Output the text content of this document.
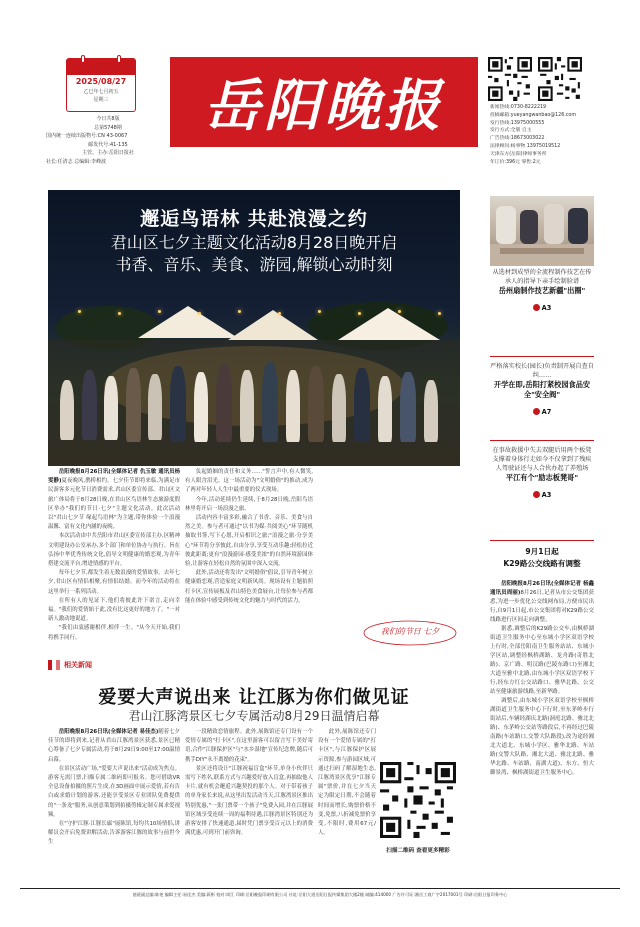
2025/08/27
乙巳年七月初五
星期三
今日共8版
总第5748期
国内统一连续出版物号:CN 43-0067
邮发代号:41-135
主管、主办:岳阳日报社
社长:任清志 总编辑:李峰波
岳阳晚报	新闻热线:0730-8222219
投稿邮箱:yueyangwanbao@126.com
发行热线:13975000555
发行方式:全版 自主
广告热线:18673003022
法律顾问:杨事物 13975019512
天津东方(岳阳)律师事务所
年订价:396元 零售:2元
邂逅鸟语林 共赴浪漫之约
君山区七夕主题文化活动8月28日晚开启
书香、音乐、美食、游园,解锁心动时刻

岳阳晚报8月26日讯(全媒体记者 仇玉敏 通讯员杨雯静)夏夜晚风,鹊桥相约。七夕佳节即将来临,为满足市民游客多元化节日消费需求,君山区委宣传部、君山区文旅广体局将于8月28日晚,在君山区鸟语林生态旅游度假区举办"我们的节日·七夕"主题文化活动。此次活动以"君山七夕节 缘起鸟语林"为主题,带你体验一个浪漫温馨、富有文化内涵的夜晚。

本次活动由中共岳阳市君山区委宣传部主办,区精神文明建设办公室承办,多个部门和单位协办与执行。旨在弘扬中华优秀传统文化,倡导文明健康的婚恋观,为青年搭建交流平台,增进情感的平台。

每年七夕节,都发生着无数浪漫的爱情故事。去年七夕,君山区有情侣相聚,有情侣结婚。而今年的活动将在这里举行一系列活动。

在所有人的见证下,他们将彼此许下诺言,走向幸福。"我们的爱情始于此,没有比这更好的地方了。"一对新人激动地说道。

"我们由衷感谢相伴,相伴一生。"从今天开始,我们将携手同行。

负起婚姻的责任和义务……"誓言声中,有人微笑,有人眼含泪光。这一场活动为"文明婚俗"的推动,成为了两对年轻人人生中最重要的仪式现场。

今年,活动延续仍生延续,于8月28日晚,岳阳鸟语林里将开启一场浪漫之旅。

活动内容丰富多彩,融合了书香、音乐、美食与自然之美。参与者可通过"以书为媒·共阅美心"环节随机抽取书签,写下心愿,开启相识之旅;"浪漫之旅·分享美心"环节将分享彼此,自由分享,享受互动乐趣;轻松拉近彼此距离;更有"浪漫游园·感受美浓"的自然环境游园体验,让游客在轻松自然的氛围中深入交流。

此外,活动还将发出"文明婚俗"倡议,引导青年树立健康婚恋观,营造家庭文明新风尚。现场设有主题拍照打卡区,宣传展板及君山特色美食展台,让每位参与者都能在体验中感受到传统文化的魅力与时代的活力。

我们的节日 七夕
相关新闻
爱要大声说出来 让江豚为你们做见证
君山江豚湾景区七夕专属活动8月29日温情启幕

岳阳晚报8月26日讯(全媒体记者 易佳杰)随着七夕佳节的即将到来,记者从君山江豚湾景区获悉,景区已精心筹备了七夕专属活动,将于8月29日9:00至17:00温情启幕。

在景区活动广场,"爱要大声说出来"活动成为焦点。游客无需门票,扫描专属二维码即可报名。您可借助VR全息设备拍摄的照片生成,在3D画面中展示爱情,若有告白或求婚计划的游客,还能享受景区专业团队免费提供的"一条龙"服务,从创意策划到拍摄剪辑定制专属求爱视频。

在"守护江豚·江豚长廊"展陈馆,每均共10场情侣,讲解员会开启免费讲解活动,告诉游客江豚的故事与前世今生

一段精致恋情旅程。此外,展陈馆还专门设有一个爱情专属的"打卡区",在这里游客可以留言写下美好寄语,合作"江豚保护区"与"水乡湿地"宣传纪念牌,随后可携手DIY"永不离婚的花束"。

景区还将设计"江豚祝福盲盒"环节,单身小伙伴只需写下姓名,联系方式与兴趣爱好放入盲盒,再抽取他人卡片,就有机会邂逅兴趣契投的那个人。对于带着孩子的单身家长来说,从这里出发活动当天,江豚湾景区推出特别优惠,"一张门票带一个孩子"免费入园,并在江豚展馆区域享受连续一周的福利待遇,江豚湾景区特别还为游客安排了快速通道,届时凭门票享受百元以上的消费满优惠,可到开门前咨询。

此外,展陈馆还专门设有一个爱情专属的"打卡区",与江豚保护区展示资源,参与游园区域,可通过扫码了解湿地生态,江豚湾景区优享"江豚专属"票价,并在七夕当天定为限定日期,不会随着时间而增长,购票价格不变,免票,八折减免票价享受,不限时,费用67元/人。

扫描二维码 查看更多精彩
从选材到成型的全流程制作技艺在传承人的指导下亲手绘制脸谱
岳州扇制作技艺新疆"出圈"
A3
严格落实校长(园长)负责制开展自查自纠……
开学在即,岳阳打紧校园食品安全"安全阀"
A7
在事故救援中失去双腿后用两个板凳支撑着身体行走如今不仅拿到了残疾人驾驶证还与人合伙办起了养殖场
平江有个"励志板凳哥"
A3
9月1日起
K29路公交线路有调整

岳阳晚报8月26日讯(全媒体记者 杨鑫 通讯员周丽)8月26日,记者从市公交集团获悉,为进一步优化公交线网布局,方便市民出行,自9月1日起,市公交集团将对K29路公交线路进行区间走向调整。

据悉,调整后的K29路公交车,由枫桥湖街道卫生服务中心至东城小学区双语学校上行时,全部岳阳南卫生服务站站、东城小学区站,调整经枫桥湖路、龙舟路(奇胜北路)、京广路、明汉路(巴陵东路口)至湘北大道至雅中北路,由东城小学区双语学校下行,经东方红公交站路口、雅华北路、公交站至健康旅游线路,至新华路。

调整后,由东城小学区双语学校至枫桥湖街道卫生服务中心下行时,至东茅岭步行街站后,车辆经湖庆北路(洞庭北路、雅北北路)、东茅岭公交站等路段后,不再经过巴陵南路(车站路口,交警大队路段),改为途经湘北大道北、东城小学区、雅华北路、车站路(交警大队路、湘北大道、雅北北路、雅华北路、车站路、南湖大道)、东方、恒大御景湾、枫桥湖街道卫生服务中心。

值班副总编:陈尧 编辑主任:易佳杰 美编:蒋彬 校对:周江 印刷:岳阳晚报印刷有限公司 社址:岳阳大道岳阳日报传媒集团大楼2楼 邮编:414000 广告许可证:湘岳工商广字2017001号 印刷:岳阳日报印务中心
